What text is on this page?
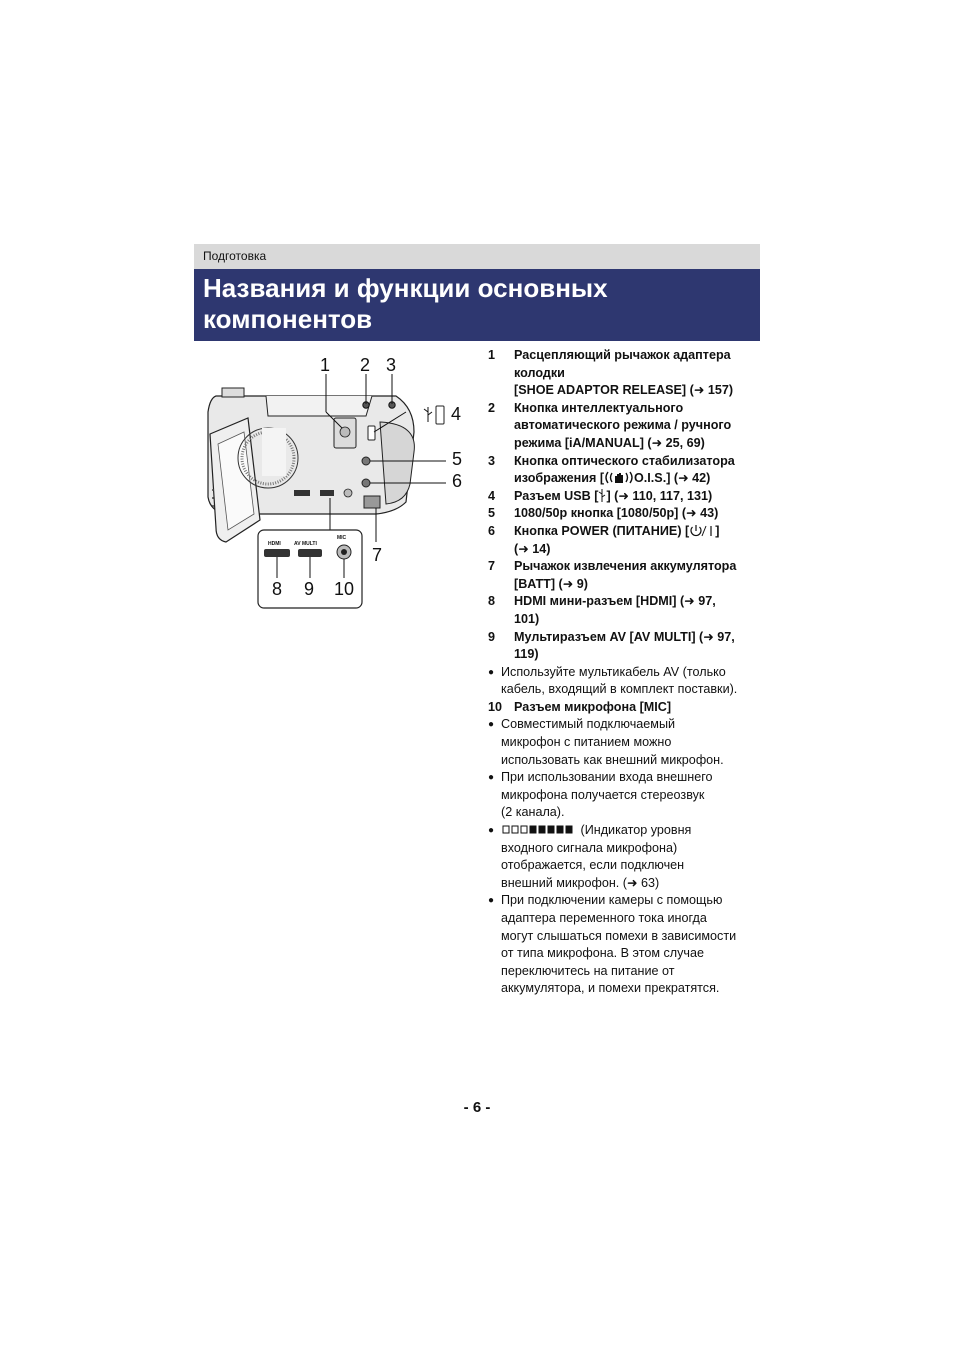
Подготовка
Названия и функции основных
компонентов
HDMI	AV MULTI
MIC
1 2 3
4
5
6
7
8 9 10
1	Расцепляющий рычажок адаптера
колодки
[SHOE ADAPTOR RELEASE] (➜ 157)
2	Кнопка интеллектуального
автоматического режима / ручного
режима [iA/MANUAL] (➜ 25, 69)
3	Кнопка оптического стабилизатора
изображения [ O.I.S.] (➜ 42)
4	Разъем USB [ ] (➜ 110, 117, 131)
5	1080/50p кнопка [1080/50p] (➜ 43)
6	Кнопка POWER (ПИТАНИЕ) [ ]
(➜ 14)
7	Рычажок извлечения аккумулятора
[BATT] (➜ 9)
8	HDMI мини-разъем [HDMI] (➜ 97,
101)
9	Мультиразъем AV [AV MULTI] (➜ 97,
119)
● Используйте мультикабель AV (только
кабель, входящий в комплект поставки).
10 Разъем микрофона [MIC]
● Совместимый подключаемый
микрофон с питанием можно
использовать как внешний микрофон.
● При использовании входа внешнего
микрофона получается стереозвук
(2 канала).
●	(Индикатор уровня
входного сигнала микрофона)
отображается, если подключен
внешний микрофон. (➜ 63)
● При подключении камеры с помощью
адаптера переменного тока иногда
могут слышаться помехи в зависимости
от типа микрофона. В этом случае
переключитесь на питание от
аккумулятора, и помехи прекратятся.
- 6 -
